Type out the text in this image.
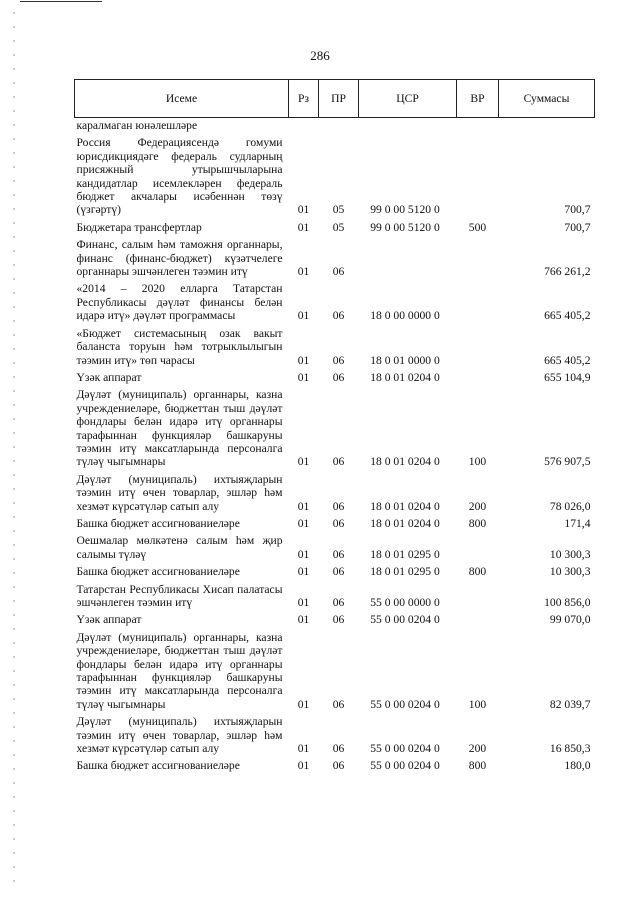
286
Исеме	Рз	ПР	ЦСР	ВР	Суммасы
каралмаган юнәлешләре					
Россия Федерациясендә гомуми юрисдикциядәге федераль судларның присяжный утырышчыларына кандидатлар исемлекләрен федераль бюджет акчалары исәбеннән төзү (үзгәртү)	01	05	99 0 00 5120 0		700,7
Бюджетара трансфертлар	01	05	99 0 00 5120 0	500	700,7
Финанс, салым һәм таможня органнары, финанс (финанс-бюджет) күзәтчелеге органнары эшчәнлеген тәэмин итү	01	06			766 261,2
«2014 – 2020 елларга Татарстан Республикасы дәүләт финансы белән идарә итү» дәүләт программасы	01	06	18 0 00 0000 0		665 405,2
«Бюджет системасының озак вакыт баланста торуын һәм тотрыклылыгын тәэмин итү» төп чарасы	01	06	18 0 01 0000 0		665 405,2
Үзәк аппарат	01	06	18 0 01 0204 0		655 104,9
Дәүләт (муниципаль) органнары, казна учреждениеләре, бюджеттан тыш дәүләт фондлары белән идарә итү органнары тарафыннан функцияләр башкаруны тәэмин итү максатларында персоналга түләү чыгымнары	01	06	18 0 01 0204 0	100	576 907,5
Дәүләт (муниципаль) ихтыяҗларын тәэмин итү өчен товарлар, эшләр һәм хезмәт күрсәтүләр сатып алу	01	06	18 0 01 0204 0	200	78 026,0
Башка бюджет ассигнованиеләре	01	06	18 0 01 0204 0	800	171,4
Оешмалар мөлкәтенә салым һәм җир салымы түләү	01	06	18 0 01 0295 0		10 300,3
Башка бюджет ассигнованиеләре	01	06	18 0 01 0295 0	800	10 300,3
Татарстан Республикасы Хисап палатасы эшчәнлеген тәэмин итү	01	06	55 0 00 0000 0		100 856,0
Үзәк аппарат	01	06	55 0 00 0204 0		99 070,0
Дәүләт (муниципаль) органнары, казна учреждениеләре, бюджеттан тыш дәүләт фондлары белән идарә итү органнары тарафыннан функцияләр башкаруны тәэмин итү максатларында персоналга түләү чыгымнары	01	06	55 0 00 0204 0	100	82 039,7
Дәүләт (муниципаль) ихтыяҗларын тәэмин итү өчен товарлар, эшләр һәм хезмәт күрсәтүләр сатып алу	01	06	55 0 00 0204 0	200	16 850,3
Башка бюджет ассигнованиеләре	01	06	55 0 00 0204 0	800	180,0
